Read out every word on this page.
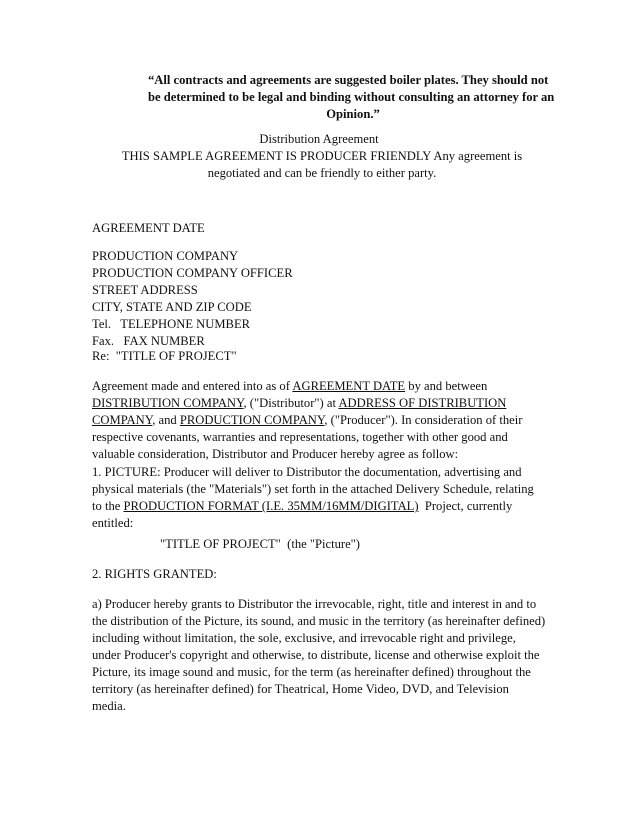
“All contracts and agreements are suggested boiler plates. They should not
be determined to be legal and binding without consulting an attorney for an
Opinion.”
Distribution Agreement
THIS SAMPLE AGREEMENT IS PRODUCER FRIENDLY Any agreement is
negotiated and can be friendly to either party.
AGREEMENT DATE
PRODUCTION COMPANY
PRODUCTION COMPANY OFFICER
STREET ADDRESS
CITY, STATE AND ZIP CODE
Tel.   TELEPHONE NUMBER
Fax.   FAX NUMBER
Re:  "TITLE OF PROJECT"
Agreement made and entered into as of AGREEMENT DATE by and between
DISTRIBUTION COMPANY, ("Distributor") at ADDRESS OF DISTRIBUTION
COMPANY, and PRODUCTION COMPANY, ("Producer"). In consideration of their
respective covenants, warranties and representations, together with other good and
valuable consideration, Distributor and Producer hereby agree as follow:
1. PICTURE: Producer will deliver to Distributor the documentation, advertising and
physical materials (the "Materials") set forth in the attached Delivery Schedule, relating
to the PRODUCTION FORMAT (I.E. 35MM/16MM/DIGITAL)  Project, currently
entitled:
"TITLE OF PROJECT"  (the "Picture")
2. RIGHTS GRANTED:
a) Producer hereby grants to Distributor the irrevocable, right, title and interest in and to
the distribution of the Picture, its sound, and music in the territory (as hereinafter defined)
including without limitation, the sole, exclusive, and irrevocable right and privilege,
under Producer's copyright and otherwise, to distribute, license and otherwise exploit the
Picture, its image sound and music, for the term (as hereinafter defined) throughout the
territory (as hereinafter defined) for Theatrical, Home Video, DVD, and Television
media.
